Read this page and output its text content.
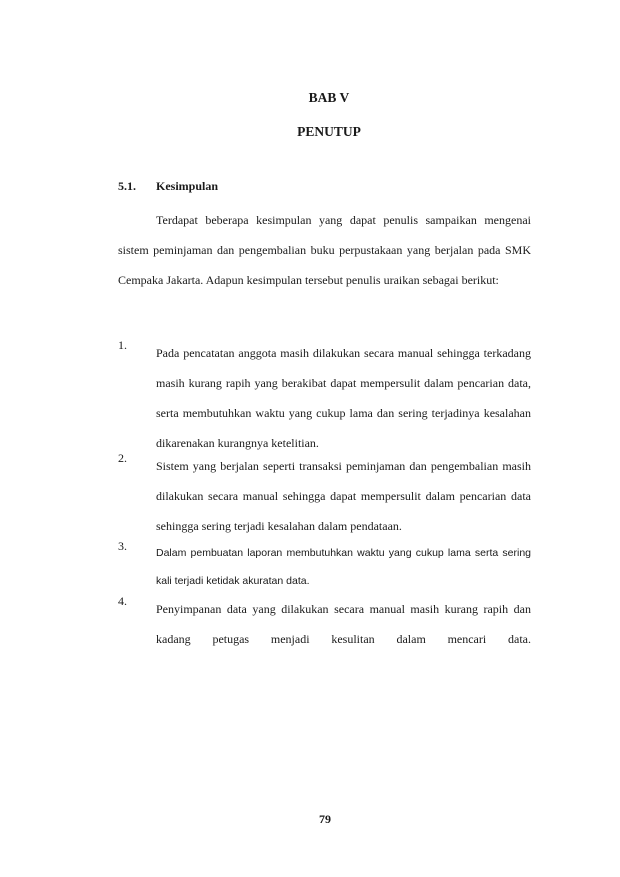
BAB V
PENUTUP
5.1. Kesimpulan

Terdapat beberapa kesimpulan yang dapat penulis sampaikan mengenai sistem peminjaman dan pengembalian buku perpustakaan yang berjalan pada SMK Cempaka Jakarta. Adapun kesimpulan tersebut penulis uraikan sebagai berikut:

1.

Pada pencatatan anggota masih dilakukan secara manual sehingga terkadang masih kurang rapih yang berakibat dapat mempersulit dalam pencarian data, serta membutuhkan waktu yang cukup lama dan sering terjadinya kesalahan dikarenakan kurangnya ketelitian.

2.

Sistem yang berjalan seperti transaksi peminjaman dan pengembalian masih dilakukan secara manual sehingga dapat mempersulit dalam pencarian data sehingga sering terjadi kesalahan dalam pendataan.

3.	Dalam pembuatan laporan membutuhkan waktu yang cukup lama serta sering kali terjadi ketidak akuratan data.

4.

Penyimpanan data yang dilakukan secara manual masih kurang rapih dan kadang petugas menjadi kesulitan dalam mencari data.

79
